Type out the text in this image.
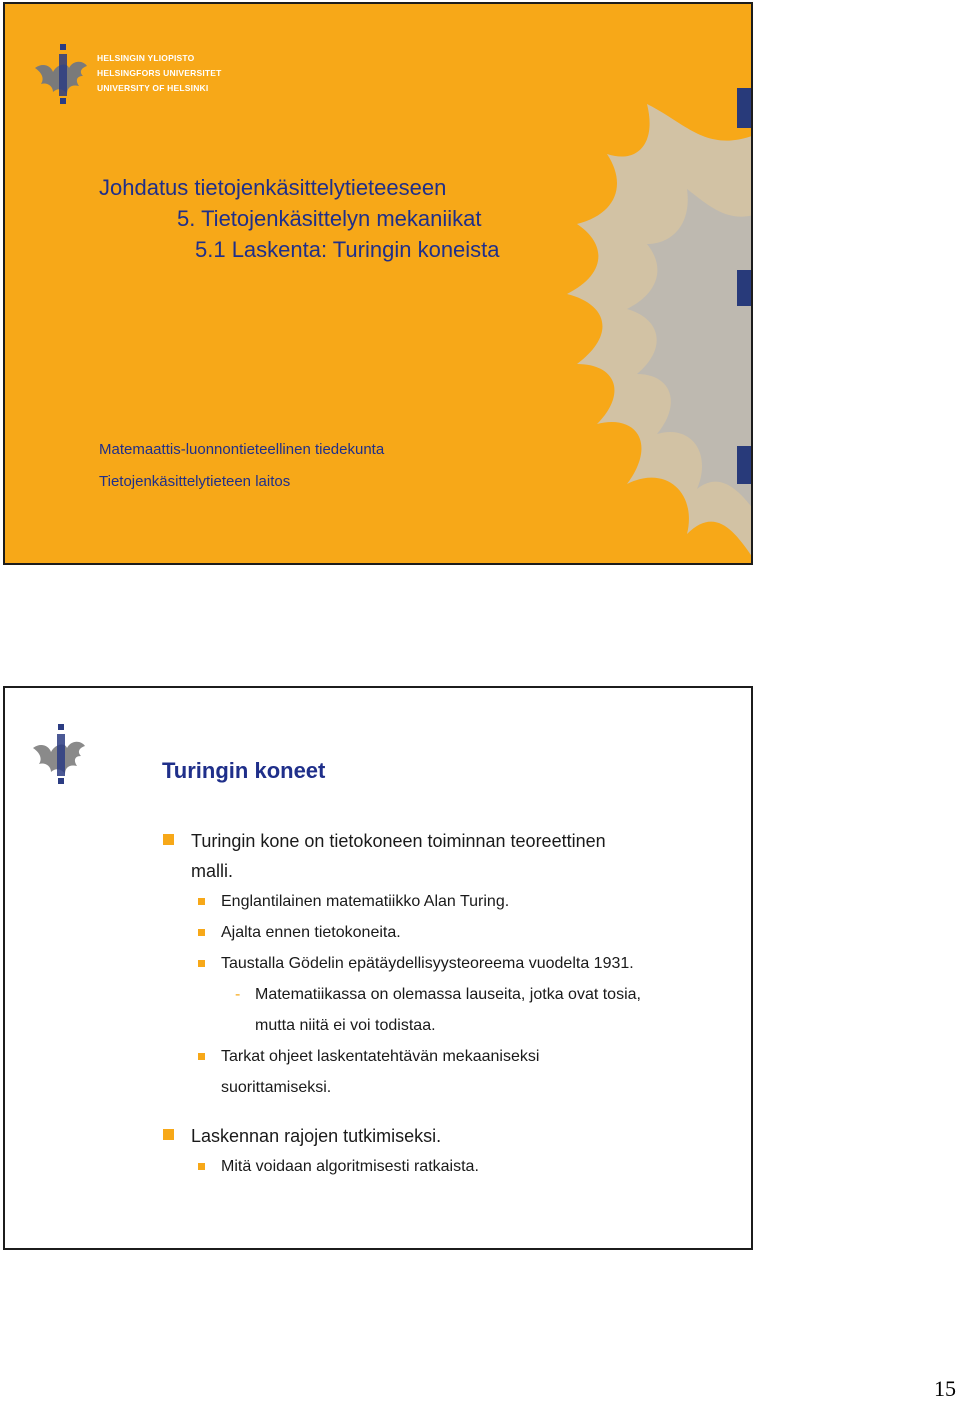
HELSINGIN YLIOPISTO
HELSINGFORS UNIVERSITET
UNIVERSITY OF HELSINKI
Johdatus tietojenkäsittelytieteeseen
5. Tietojenkäsittelyn mekaniikat
5.1 Laskenta: Turingin koneista
Matemaattis-luonnontieteellinen tiedekunta
Tietojenkäsittelytieteen laitos
Turingin koneet
Turingin kone on tietokoneen toiminnan teoreettinen
malli.
Englantilainen matematiikko Alan Turing.
Ajalta ennen tietokoneita.
Taustalla Gödelin epätäydellisyysteoreema vuodelta 1931.
- Matematiikassa on olemassa lauseita, jotka ovat tosia,
mutta niitä ei voi todistaa.
Tarkat ohjeet laskentatehtävän mekaaniseksi
suorittamiseksi.
Laskennan rajojen tutkimiseksi.
Mitä voidaan algoritmisesti ratkaista.
15
